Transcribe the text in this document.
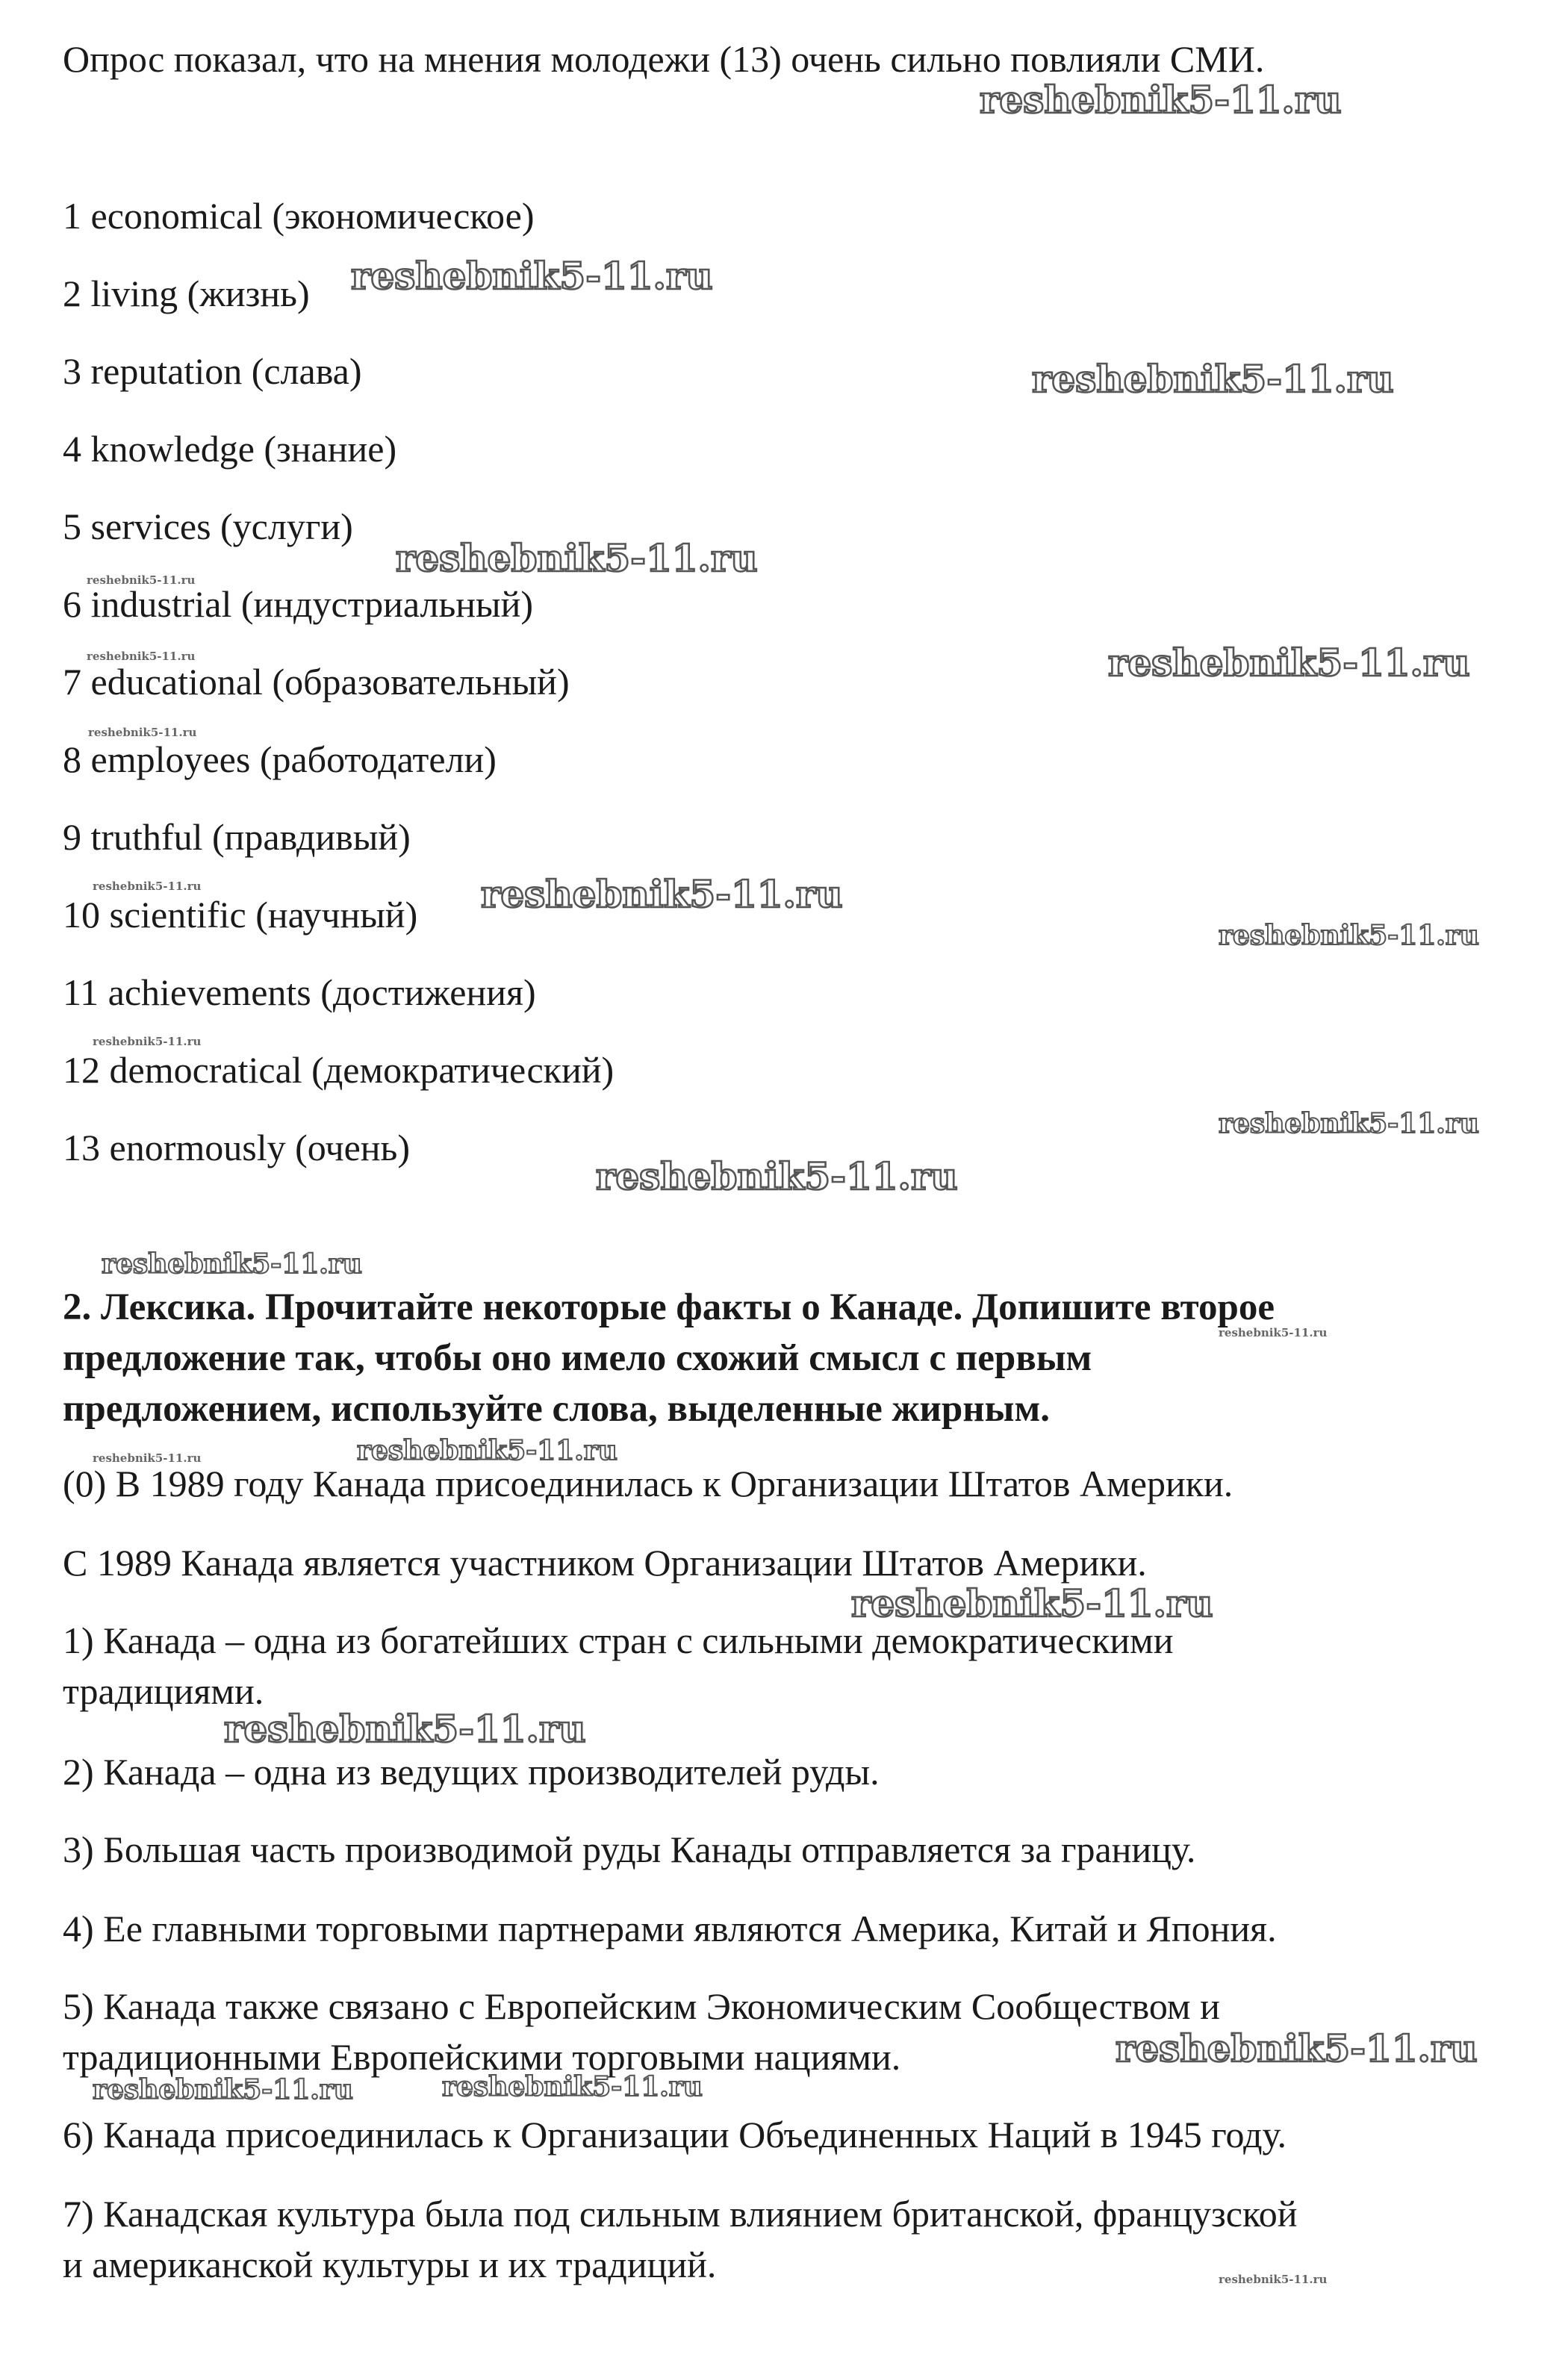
Опрос показал, что на мнения молодежи (13) очень сильно повлияли СМИ.

1 economical (экономическое)

2 living (жизнь)

3 reputation (слава)

4 knowledge (знание)

5 services (услуги)

6 industrial (индустриальный)

7 educational (образовательный)

8 employees (работодатели)

9 truthful (правдивый)

10 scientific (научный)

11 achievements (достижения)

12 democratical (демократический)

13 enormously (очень)

2. Лексика. Прочитайте некоторые факты о Канаде. Допишите второе

предложение так, чтобы оно имело схожий смысл с первым

предложением, используйте слова, выделенные жирным.

(0) В 1989 году Канада присоединилась к Организации Штатов Америки.

С 1989 Канада является участником Организации Штатов Америки.

1) Канада – одна из богатейших стран с сильными демократическими

традициями.

2) Канада – одна из ведущих производителей руды.

3) Большая часть производимой руды Канады отправляется за границу.

4) Ее главными торговыми партнерами являются Америка, Китай и Япония.

5) Канада также связано с Европейским Экономическим Сообществом и

традиционными Европейскими торговыми нациями.

6) Канада присоединилась к Организации Объединенных Наций в 1945 году.

7) Канадская культура была под сильным влиянием британской, французской

и американской культуры и их традиций.

reshebnik5-11.ru

reshebnik5-11.ru

reshebnik5-11.ru

reshebnik5-11.ru

reshebnik5-11.ru

reshebnik5-11.ru

reshebnik5-11.ru

reshebnik5-11.ru

reshebnik5-11.ru

reshebnik5-11.ru

reshebnik5-11.ru

reshebnik5-11.ru

reshebnik5-11.ru

reshebnik5-11.ru

reshebnik5-11.ru

reshebnik5-11.ru

reshebnik5-11.ru

reshebnik5-11.ru

reshebnik5-11.ru

reshebnik5-11.ru

reshebnik5-11.ru

reshebnik5-11.ru

reshebnik5-11.ru

reshebnik5-11.ru
